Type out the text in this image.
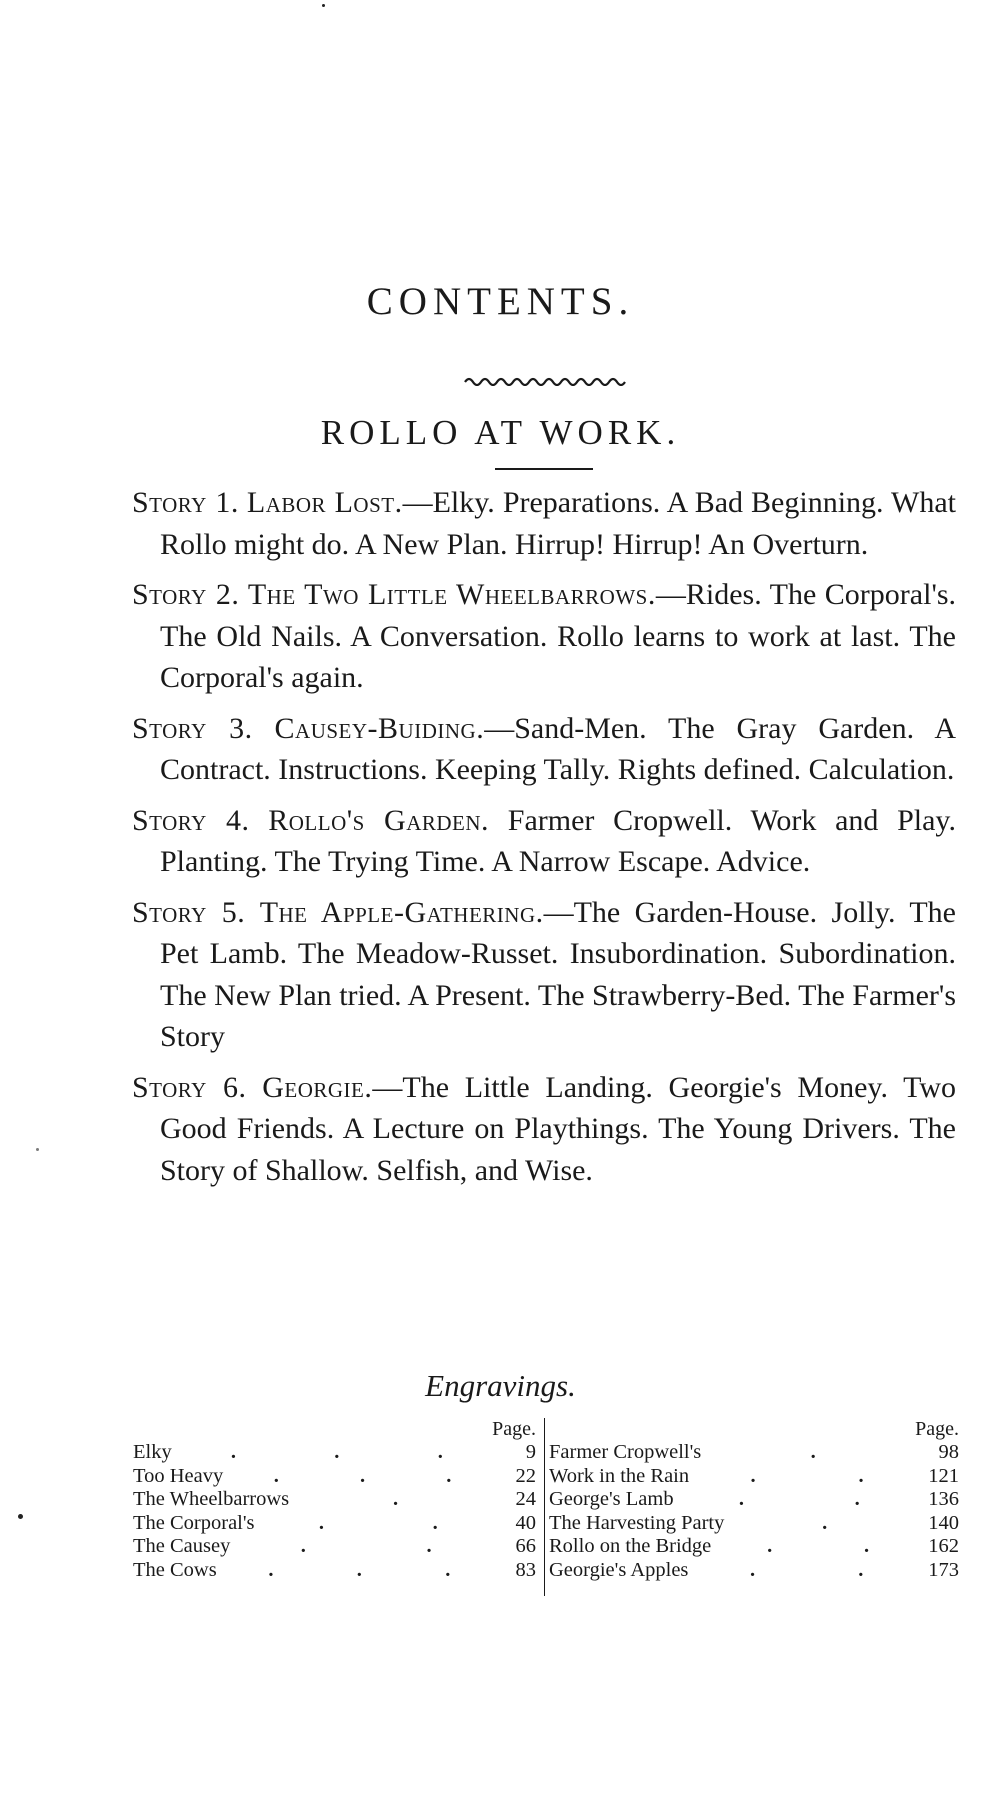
CONTENTS.
ROLLO AT WORK.
Story 1. Labor Lost.—Elky. Preparations. A Bad Beginning. What Rollo might do. A New Plan. Hirrup! Hirrup! An Overturn.
Story 2. The Two Little Wheelbarrows.—Rides. The Corporal's. The Old Nails. A Conversation. Rollo learns to work at last. The Corporal's again.
Story 3. Causey-Buiding.—Sand-Men. The Gray Garden. A Contract. Instructions. Keeping Tally. Rights defined. Calculation.
Story 4. Rollo's Garden. Farmer Cropwell. Work and Play. Planting. The Trying Time. A Narrow Escape. Advice.
Story 5. The Apple-Gathering.—The Garden-House. Jolly. The Pet Lamb. The Meadow-Russet. Insubordination. Subordination. The New Plan tried. A Present. The Strawberry-Bed. The Farmer's Story
Story 6. Georgie.—The Little Landing. Georgie's Money. Two Good Friends. A Lecture on Playthings. The Young Drivers. The Story of Shallow. Selfish, and Wise.
Engravings.
Page.
Elky	.	.	.	9
Too Heavy .	.	.	22
The Wheelbarrows	.	24
The Corporal's	.	.	40
The Causey	.	.	66
The Cows	.	.	.	83
Page.
Farmer Cropwell's	.	98
Work in the Rain	.	.	121
George's Lamb	.	.	136
The Harvesting Party	.	140
Rollo on the Bridge	.	.	162
Georgie's Apples	.	.	173
